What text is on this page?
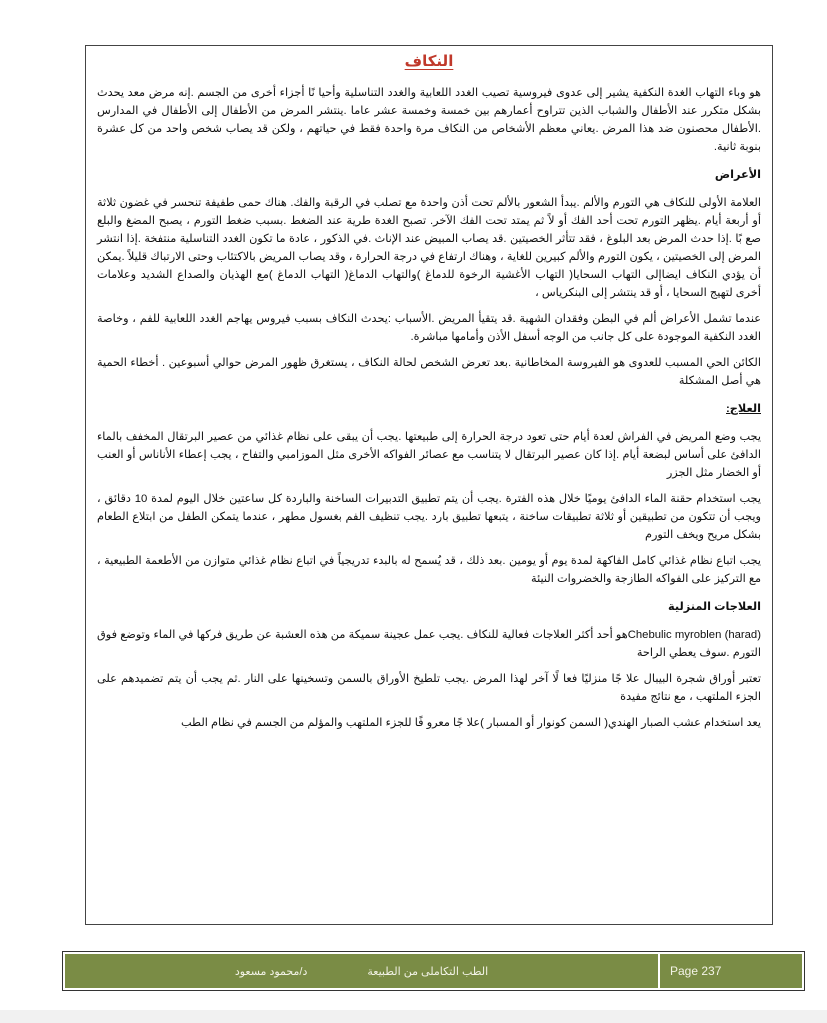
النكاف

هو وباء التهاب الغدة النكفية يشير إلى عدوى فيروسية تصيب الغدد اللعابية والغدد التناسلية وأحيا نًا أجزاء أخرى من الجسم .إنه مرض معد يحدث بشكل متكرر عند الأطفال والشباب الذين تتراوح أعمارهم بين خمسة وخمسة عشر عاما .ينتشر المرض من الأطفال إلى الأطفال في المدارس .الأطفال محصنون ضد هذا المرض .يعاني معظم الأشخاص من النكاف مرة واحدة فقط في حياتهم ، ولكن قد يصاب شخص واحد من كل عشرة بنوبة ثانية.

الأعراض

العلامة الأولى للنكاف هي التورم والألم .يبدأ الشعور بالألم تحت أذن واحدة مع تصلب في الرقبة والفك. هناك حمى طفيفة تنحسر في غضون ثلاثة أو أربعة أيام .يظهر التورم تحت أحد الفك أو لاً ثم يمتد تحت الفك الآخر. تصبح الغدة طرية عند الضغط .بسبب ضغط التورم ، يصبح المضغ والبلع صع بًا .إذا حدث المرض بعد البلوغ ، فقد تتأثر الخصيتين .قد يصاب المبيض عند الإناث .في الذكور ، عادة ما تكون الغدد التناسلية منتفخة .إذا انتشر المرض إلى الخصيتين ، يكون التورم والألم كبيرين للغاية ، وهناك ارتفاع في درجة الحرارة ، وقد يصاب المريض بالاكتئاب وحتى الارتباك قليلاً .يمكن أن يؤدي النكاف ايضاإلى التهاب السحايا( التهاب الأغشية الرخوة للدماغ )والتهاب الدماغ( التهاب الدماغ )مع الهذيان والصداع الشديد وعلامات أخرى لتهيج السحايا ، أو قد ينتشر إلى البنكرياس ،

عندما تشمل الأعراض ألم في البطن وفقدان الشهية .قد يتقيأ المريض .الأسباب :يحدث النكاف بسبب فيروس يهاجم الغدد اللعابية للفم ، وخاصة الغدد النكفية الموجودة على كل جانب من الوجه أسفل الأذن وأمامها مباشرة.

الكائن الحي المسبب للعدوى هو الفيروسة المخاطانية .بعد تعرض الشخص لحالة النكاف ، يستغرق ظهور المرض حوالي أسبوعين . أخطاء الحمية هي أصل المشكلة

العلاج:

يجب وضع المريض في الفراش لعدة أيام حتى تعود درجة الحرارة إلى طبيعتها .يجب أن يبقى على نظام غذائي من عصير البرتقال المخفف بالماء الدافئ على أساس لبضعة أيام .إذا كان عصير البرتقال لا يتناسب مع عصائر الفواكه الأخرى مثل الموزامبي والتفاح ، يجب إعطاء الأناناس أو العنب أو الخضار مثل الجزر

يجب استخدام حقنة الماء الدافئ يوميًا خلال هذه الفترة .يجب أن يتم تطبيق التدبيرات الساخنة والباردة كل ساعتين خلال اليوم لمدة 10 دقائق ، ويجب أن تتكون من تطبيقين أو ثلاثة تطبيقات ساخنة ، يتبعها تطبيق بارد .يجب تنظيف الفم بغسول مطهر ، عندما يتمكن الطفل من ابتلاع الطعام بشكل مريح ويخف التورم

يجب اتباع نظام غذائي كامل الفاكهة لمدة يوم أو يومين .بعد ذلك ، قد يُسمح له بالبدء تدريجياً في اتباع نظام غذائي متوازن من الأطعمة الطبيعية ، مع التركيز على الفواكه الطازجة والخضروات النيئة

العلاجات المنزلية

Chebulic myroblen (harad)هو أحد أكثر العلاجات فعالية للنكاف .يجب عمل عجينة سميكة من هذه العشبة عن طريق فركها في الماء وتوضع فوق التورم .سوف يعطي الراحة

تعتبر أوراق شجرة البيبال علا جًا منزليًا فعا لًا آخر لهذا المرض .يجب تلطيخ الأوراق بالسمن وتسخينها على النار .ثم يجب أن يتم تضميدهم على الجزء الملتهب ، مع نتائج مفيدة

يعد استخدام عشب الصبار الهندي( السمن كونوار أو المسبار )علا جًا معرو فًا للجزء الملتهب والمؤلم من الجسم في نظام الطب

الطب التكاملى من الطبيعة
د/محمود مسعود	Page 237
